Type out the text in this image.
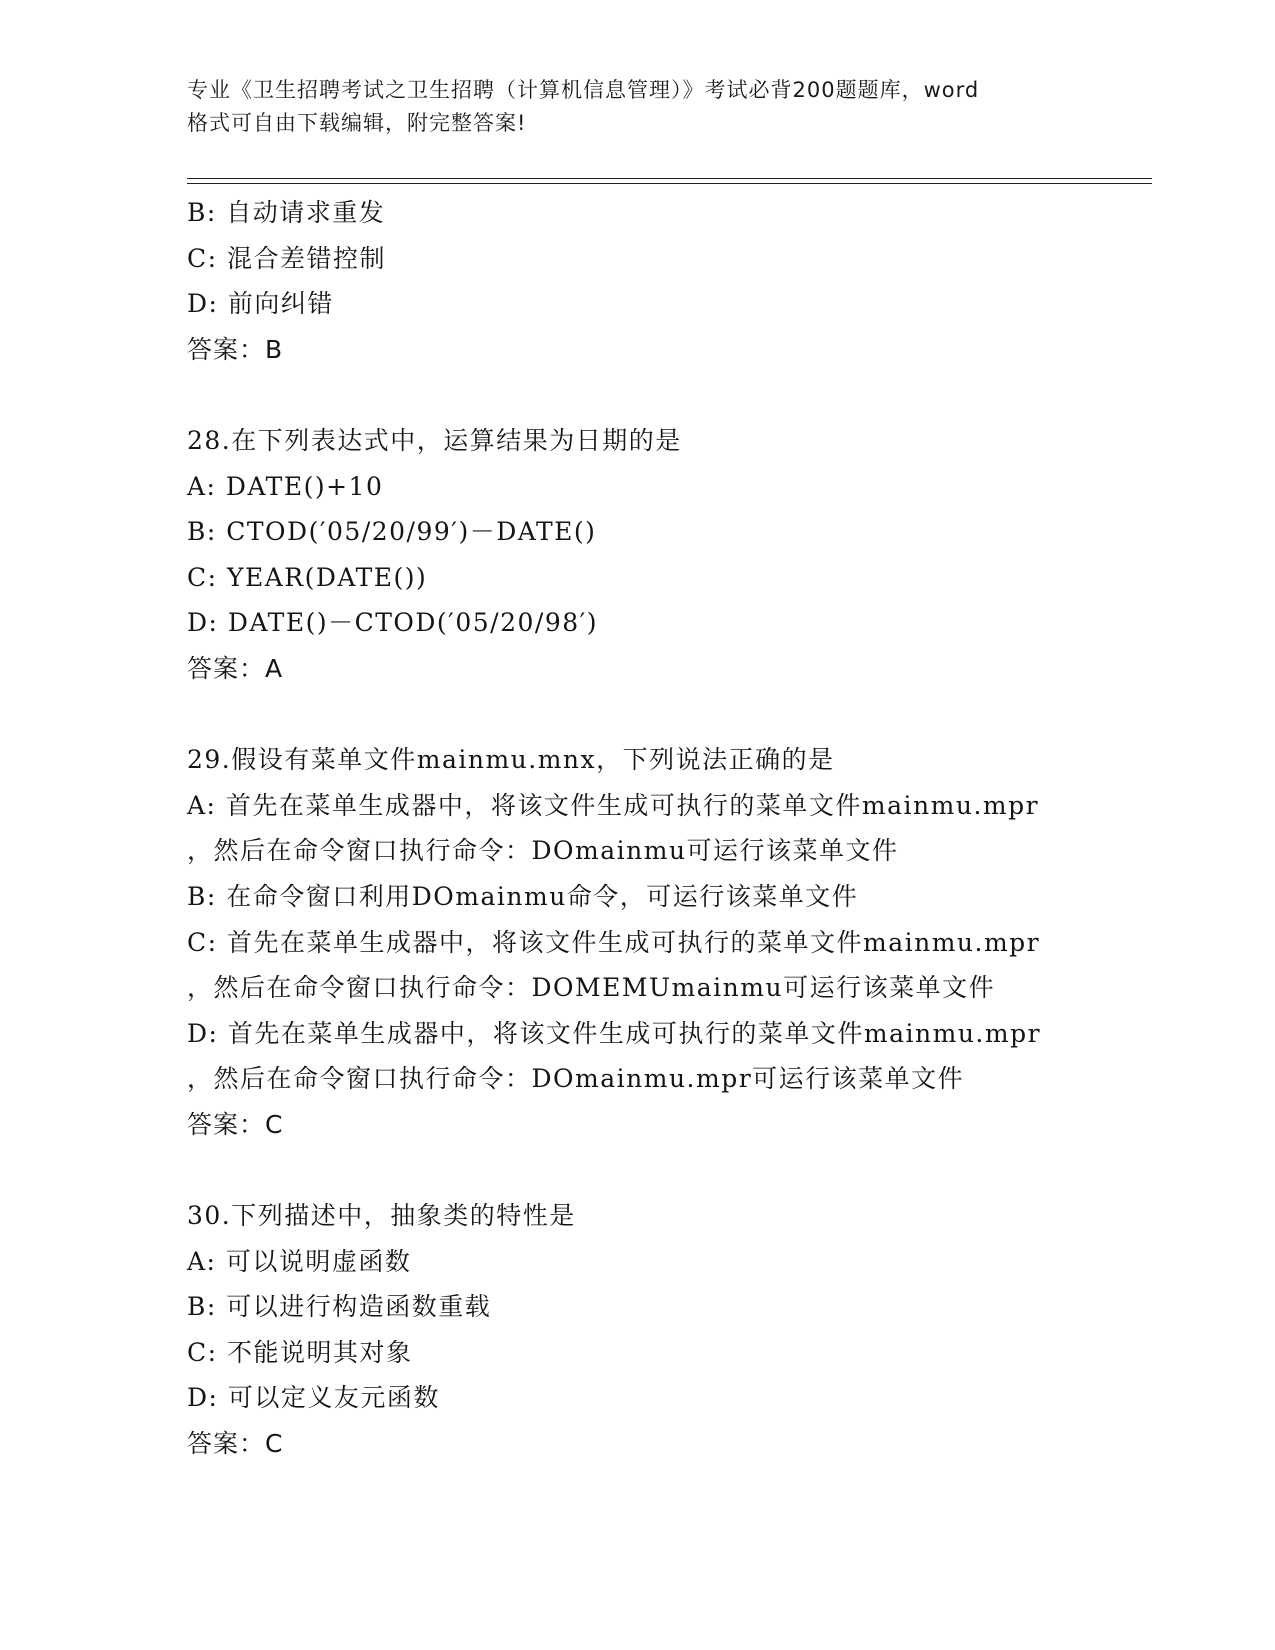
专业《卫生招聘考试之卫生招聘（计算机信息管理）》考试必背200题题库，word
格式可自由下载编辑，附完整答案!
B: 自动请求重发
C: 混合差错控制
D: 前向纠错
答案：B
28.在下列表达式中，运算结果为日期的是
A: DATE()+10
B: CTOD(′05/20/99′)－DATE()
C: YEAR(DATE())
D: DATE()－CTOD(′05/20/98′)
答案：A
29.假设有菜单文件mainmu.mnx，下列说法正确的是
A: 首先在菜单生成器中，将该文件生成可执行的菜单文件mainmu.mpr
，然后在命令窗口执行命令：DOmainmu可运行该菜单文件
B: 在命令窗口利用DOmainmu命令，可运行该菜单文件
C: 首先在菜单生成器中，将该文件生成可执行的菜单文件mainmu.mpr
，然后在命令窗口执行命令：DOMEMUmainmu可运行该菜单文件
D: 首先在菜单生成器中，将该文件生成可执行的菜单文件mainmu.mpr
，然后在命令窗口执行命令：DOmainmu.mpr可运行该菜单文件
答案：C
30.下列描述中，抽象类的特性是
A: 可以说明虚函数
B: 可以进行构造函数重载
C: 不能说明其对象
D: 可以定义友元函数
答案：C
